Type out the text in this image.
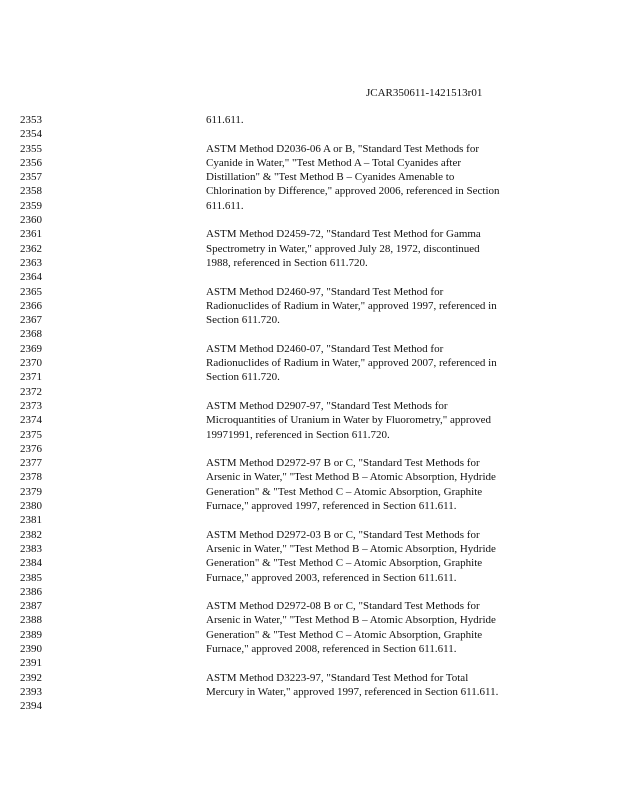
JCAR350611-1421513r01
2353	611.611.
2354
2355	ASTM Method D2036-06 A or B, "Standard Test Methods for
2356	Cyanide in Water," "Test Method A – Total Cyanides after
2357	Distillation" & "Test Method B – Cyanides Amenable to
2358	Chlorination by Difference," approved 2006, referenced in Section
2359	611.611.
2360
2361	ASTM Method D2459-72, "Standard Test Method for Gamma
2362	Spectrometry in Water," approved July 28, 1972, discontinued
2363	1988, referenced in Section 611.720.
2364
2365	ASTM Method D2460-97, "Standard Test Method for
2366	Radionuclides of Radium in Water," approved 1997, referenced in
2367	Section 611.720.
2368
2369	ASTM Method D2460-07, "Standard Test Method for
2370	Radionuclides of Radium in Water," approved 2007, referenced in
2371	Section 611.720.
2372
2373	ASTM Method D2907-97, "Standard Test Methods for
2374	Microquantities of Uranium in Water by Fluorometry," approved
2375	19971991, referenced in Section 611.720.
2376
2377	ASTM Method D2972-97 B or C, "Standard Test Methods for
2378	Arsenic in Water," "Test Method B – Atomic Absorption, Hydride
2379	Generation" & "Test Method C – Atomic Absorption, Graphite
2380	Furnace," approved 1997, referenced in Section 611.611.
2381
2382	ASTM Method D2972-03 B or C, "Standard Test Methods for
2383	Arsenic in Water," "Test Method B – Atomic Absorption, Hydride
2384	Generation" & "Test Method C – Atomic Absorption, Graphite
2385	Furnace," approved 2003, referenced in Section 611.611.
2386
2387	ASTM Method D2972-08 B or C, "Standard Test Methods for
2388	Arsenic in Water," "Test Method B – Atomic Absorption, Hydride
2389	Generation" & "Test Method C – Atomic Absorption, Graphite
2390	Furnace," approved 2008, referenced in Section 611.611.
2391
2392	ASTM Method D3223-97, "Standard Test Method for Total
2393	Mercury in Water," approved 1997, referenced in Section 611.611.
2394
